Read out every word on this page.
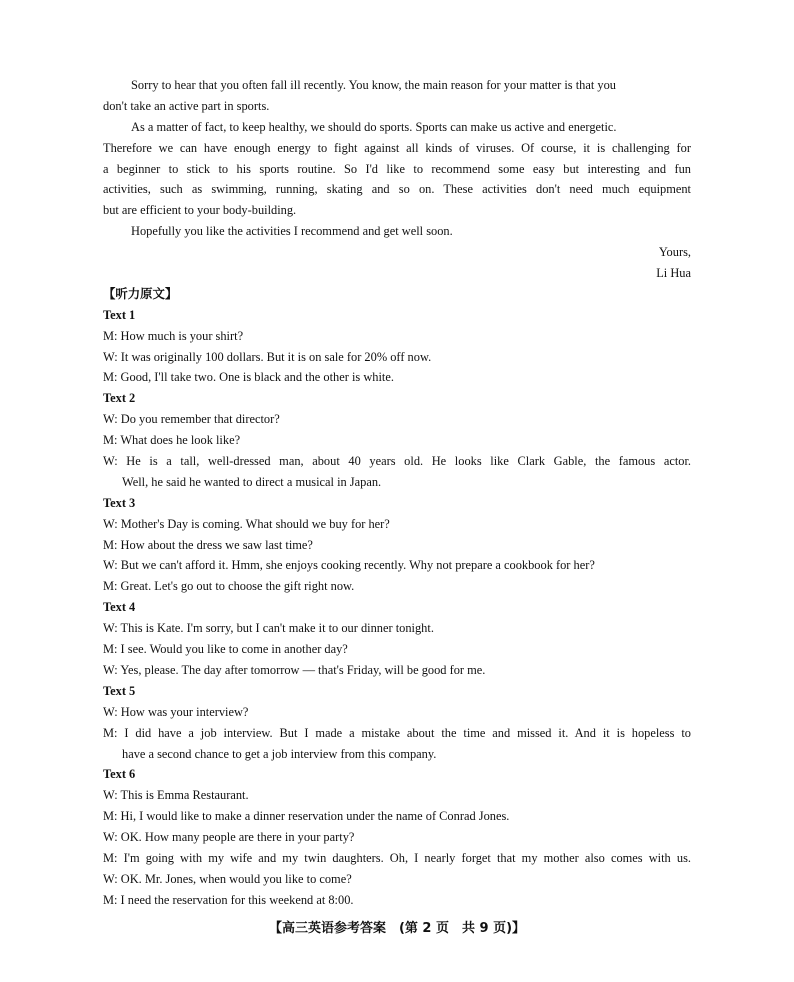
Sorry to hear that you often fall ill recently. You know, the main reason for your matter is that you
don't take an active part in sports.
As a matter of fact, to keep healthy, we should do sports. Sports can make us active and energetic.
Therefore we can have enough energy to fight against all kinds of viruses. Of course, it is challenging for
a beginner to stick to his sports routine. So I'd like to recommend some easy but interesting and fun
activities, such as swimming, running, skating and so on. These activities don't need much equipment
but are efficient to your body-building.
Hopefully you like the activities I recommend and get well soon.
Yours,
Li Hua
【听力原文】
Text 1
M: How much is your shirt?
W: It was originally 100 dollars. But it is on sale for 20% off now.
M: Good, I'll take two. One is black and the other is white.
Text 2
W: Do you remember that director?
M: What does he look like?
W: He is a tall, well-dressed man, about 40 years old. He looks like Clark Gable, the famous actor.
Well, he said he wanted to direct a musical in Japan.
Text 3
W: Mother's Day is coming. What should we buy for her?
M: How about the dress we saw last time?
W: But we can't afford it. Hmm, she enjoys cooking recently. Why not prepare a cookbook for her?
M: Great. Let's go out to choose the gift right now.
Text 4
W: This is Kate. I'm sorry, but I can't make it to our dinner tonight.
M: I see. Would you like to come in another day?
W: Yes, please. The day after tomorrow — that's Friday, will be good for me.
Text 5
W: How was your interview?
M: I did have a job interview. But I made a mistake about the time and missed it. And it is hopeless to
have a second chance to get a job interview from this company.
Text 6
W: This is Emma Restaurant.
M: Hi, I would like to make a dinner reservation under the name of Conrad Jones.
W: OK. How many people are there in your party?
M: I'm going with my wife and my twin daughters. Oh, I nearly forget that my mother also comes with us.
W: OK. Mr. Jones, when would you like to come?
M: I need the reservation for this weekend at 8:00.
【高三英语参考答案　(第 2 页　共 9 页)】
